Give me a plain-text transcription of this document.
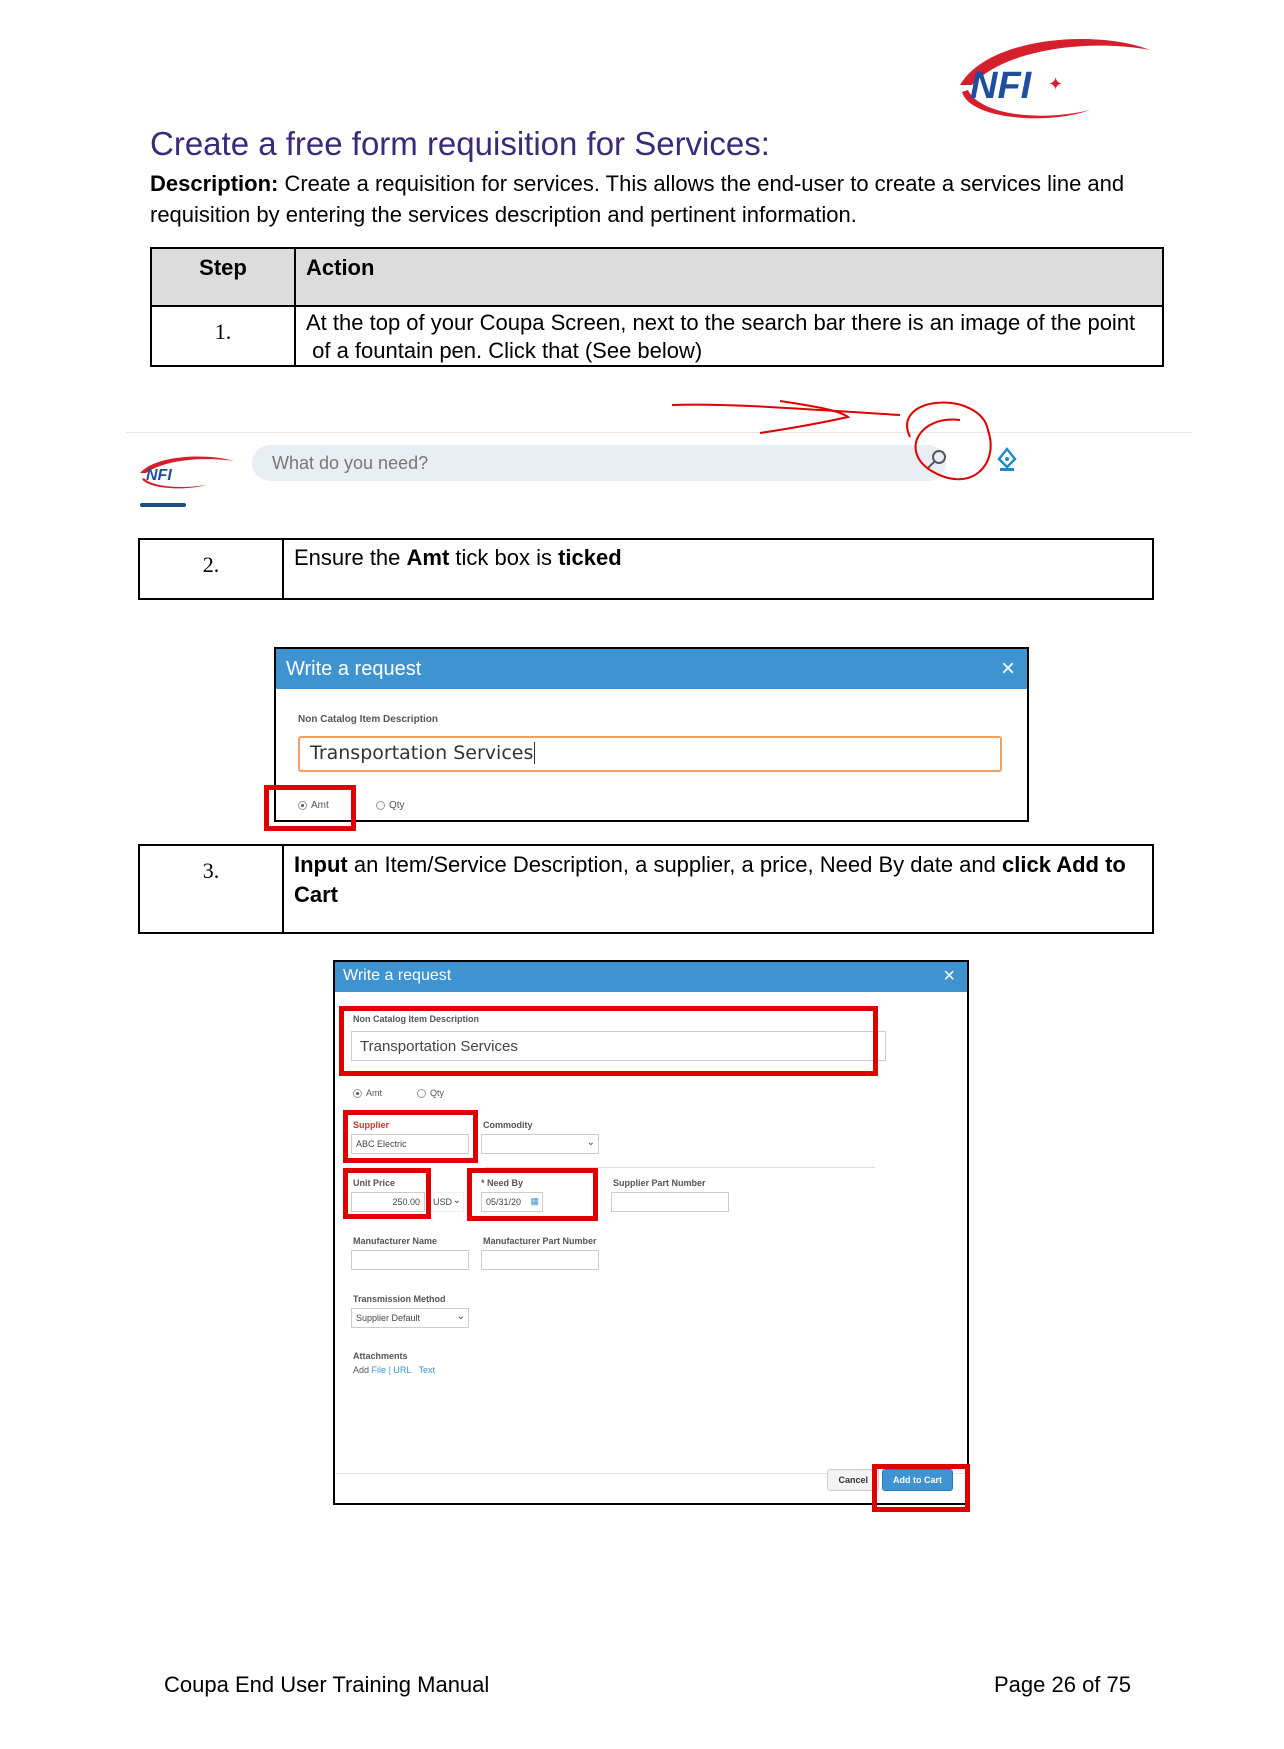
NFI ✦
Create a free form requisition for Services:
Description: Create a requisition for services. This allows the end-user to create a services line and requisition by entering the services description and pertinent information.
Step	Action
1.	At the top of your Coupa Screen, next to the search bar there is an image of the point
of a fountain pen. Click that (See below)
NFI
What do you need?
2.	Ensure the Amt tick box is ticked
Write a request	×
Non Catalog Item Description
Transportation Services
Amt	Qty
3.	Input an Item/Service Description, a supplier, a price, Need By date and click Add to Cart
Write a request	×
Non Catalog Item Description
Transportation Services
Amt	Qty
Supplier
ABC Electric
Commodity
⌄
Unit Price
250.00	USD ⌄
* Need By
05/31/20 ▦
Supplier Part Number
Manufacturer Name	Manufacturer Part Number
Transmission Method
Supplier Default	⌄
Attachments
Add File | URL Text
Cancel	Add to Cart
Coupa End User Training Manual	Page 26 of 75
